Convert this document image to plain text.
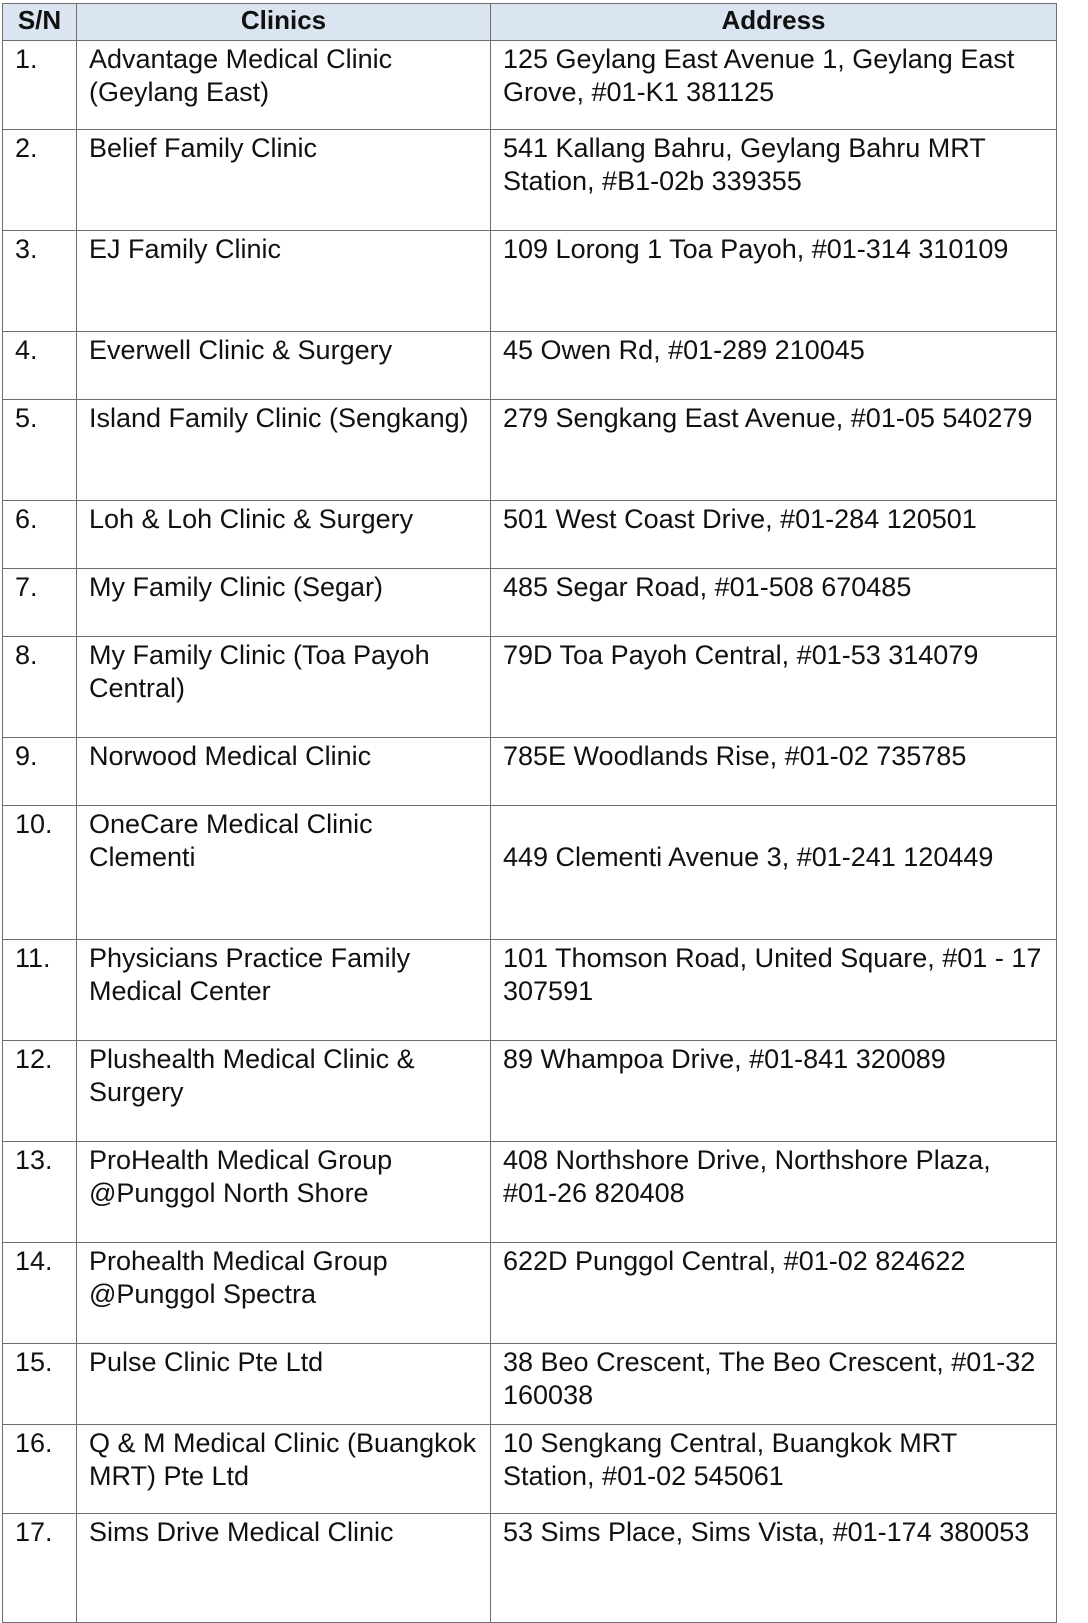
S/N	Clinics	Address
1.	Advantage Medical Clinic (Geylang East)	125 Geylang East Avenue 1, Geylang East Grove, #01-K1 381125
2.	Belief Family Clinic	541 Kallang Bahru, Geylang Bahru MRT Station, #B1-02b 339355
3.	EJ Family Clinic	109 Lorong 1 Toa Payoh, #01-314 310109
4.	Everwell Clinic & Surgery	45 Owen Rd, #01-289 210045
5.	Island Family Clinic (Sengkang)	279 Sengkang East Avenue, #01-05 540279
6.	Loh & Loh Clinic & Surgery	501 West Coast Drive, #01-284 120501
7.	My Family Clinic (Segar)	485 Segar Road, #01-508 670485
8.	My Family Clinic (Toa Payoh Central)	79D Toa Payoh Central, #01-53 314079
9.	Norwood Medical Clinic	785E Woodlands Rise, #01-02 735785
10.	OneCare Medical Clinic Clementi	449 Clementi Avenue 3, #01-241 120449
11.	Physicians Practice Family Medical Center	101 Thomson Road, United Square, #01 - 17 307591
12.	Plushealth Medical Clinic & Surgery	89 Whampoa Drive, #01-841 320089
13.	ProHealth Medical Group @Punggol North Shore	408 Northshore Drive, Northshore Plaza, #01-26 820408
14.	Prohealth Medical Group @Punggol Spectra	622D Punggol Central, #01-02 824622
15.	Pulse Clinic Pte Ltd	38 Beo Crescent, The Beo Crescent, #01-32 160038
16.	Q & M Medical Clinic (Buangkok MRT) Pte Ltd	10 Sengkang Central, Buangkok MRT Station, #01-02 545061
17.	Sims Drive Medical Clinic	53 Sims Place, Sims Vista, #01-174 380053
